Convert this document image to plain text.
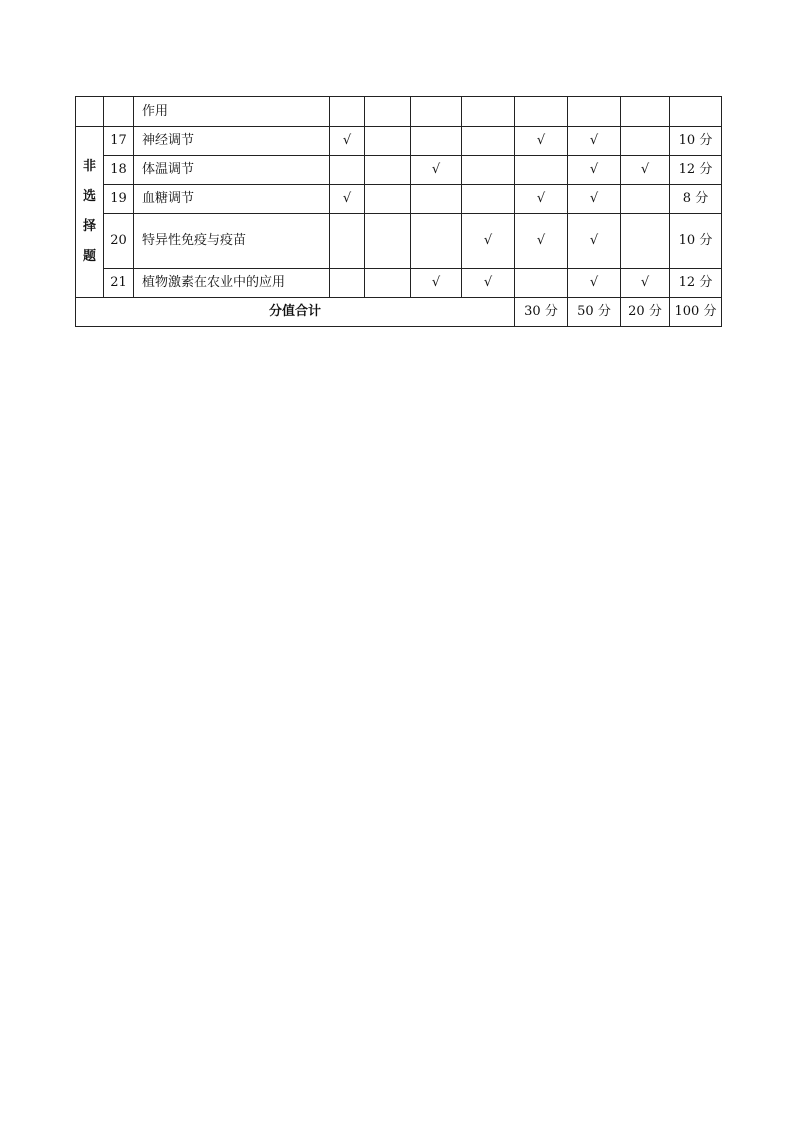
		作用								
非选择题	17	神经调节	√				√	√		10 分
	18	体温调节			√			√	√	12 分
	19	血糖调节	√				√	√		8 分
	20	特异性免疫与疫苗				√	√	√		10 分
	21	植物激素在农业中的应用			√	√		√	√	12 分
分值合计							30 分	50 分	20 分	100 分
